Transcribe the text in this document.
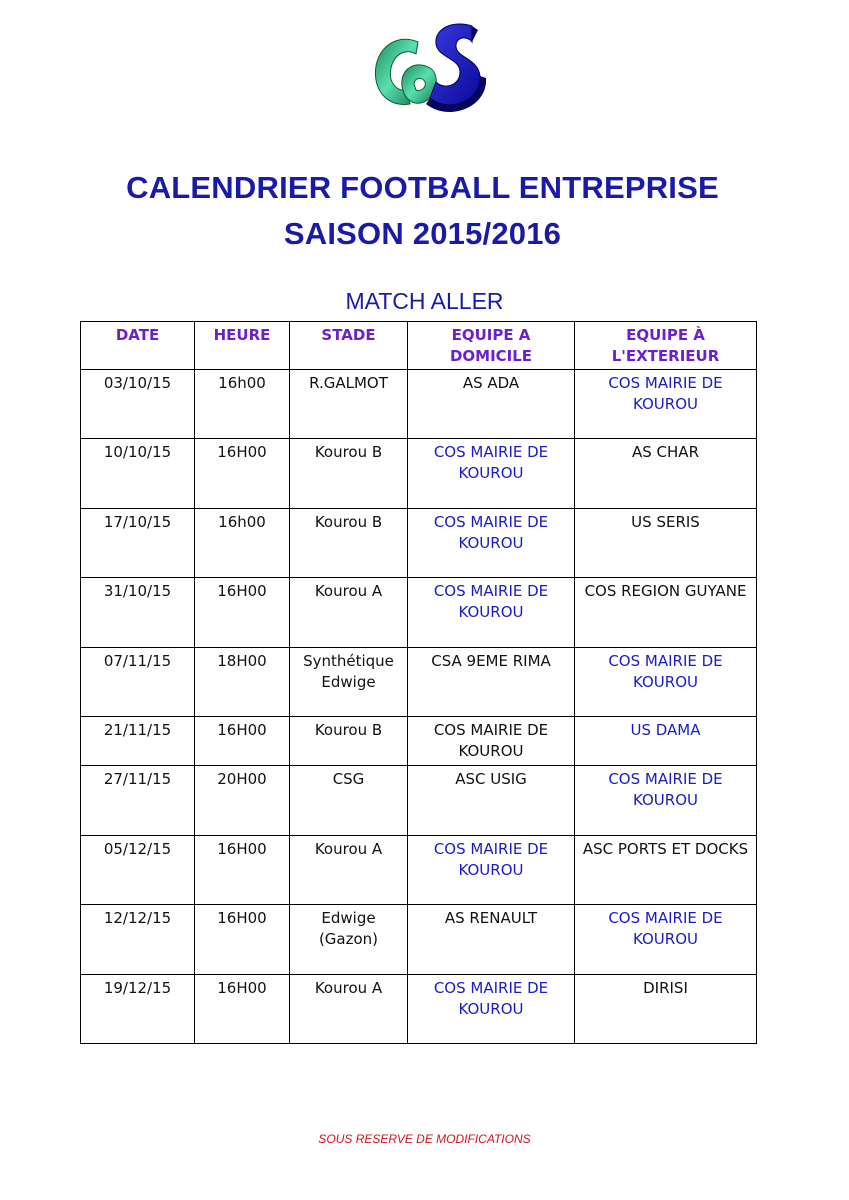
CALENDRIER FOOTBALL ENTREPRISE
SAISON 2015/2016
MATCH ALLER
DATE	HEURE	STADE	EQUIPE A DOMICILE	EQUIPE À L'EXTERIEUR
03/10/15	16h00	R.GALMOT	AS ADA	COS MAIRIE DE KOUROU
10/10/15	16H00	Kourou B	COS MAIRIE DE KOUROU	AS CHAR
17/10/15	16h00	Kourou B	COS MAIRIE DE KOUROU	US SERIS
31/10/15	16H00	Kourou A	COS MAIRIE DE KOUROU	COS REGION GUYANE
07/11/15	18H00	Synthétique Edwige	CSA 9EME RIMA	COS MAIRIE DE KOUROU
21/11/15	16H00	Kourou B	COS MAIRIE DE KOUROU	US DAMA
27/11/15	20H00	CSG	ASC USIG	COS MAIRIE DE KOUROU
05/12/15	16H00	Kourou A	COS MAIRIE DE KOUROU	ASC PORTS ET DOCKS
12/12/15	16H00	Edwige (Gazon)	AS RENAULT	COS MAIRIE DE KOUROU
19/12/15	16H00	Kourou A	COS MAIRIE DE KOUROU	DIRISI
SOUS RESERVE DE MODIFICATIONS
